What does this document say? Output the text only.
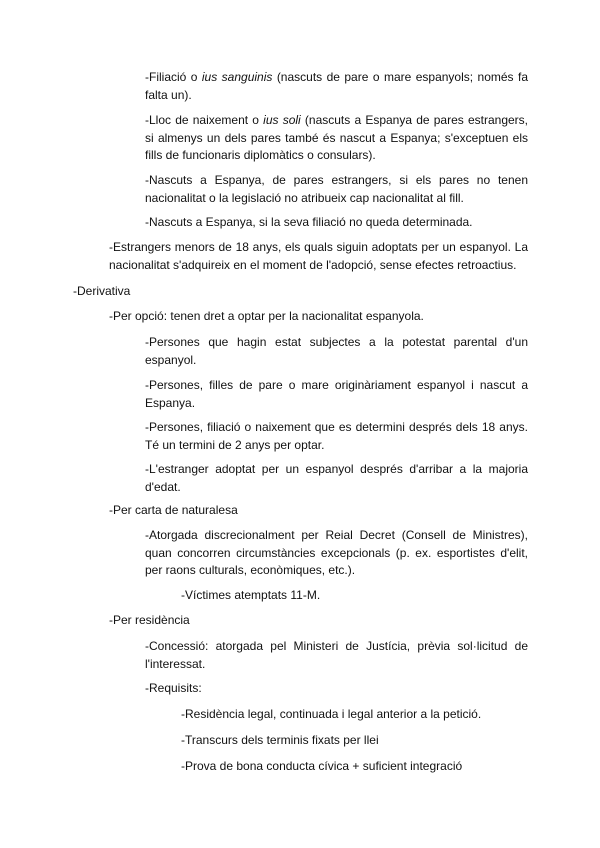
-Filiació o ius sanguinis (nascuts de pare o mare espanyols; només fa falta un).

-Lloc de naixement o ius soli (nascuts a Espanya de pares estrangers, si almenys un dels pares també és nascut a Espanya; s'exceptuen els fills de funcionaris diplomàtics o consulars).

-Nascuts a Espanya, de pares estrangers, si els pares no tenen nacionalitat o la legislació no atribueix cap nacionalitat al fill.

-Nascuts a Espanya, si la seva filiació no queda determinada.

-Estrangers menors de 18 anys, els quals siguin adoptats per un espanyol. La nacionalitat s'adquireix en el moment de l'adopció, sense efectes retroactius.

-Derivativa

-Per opció: tenen dret a optar per la nacionalitat espanyola.

-Persones que hagin estat subjectes a la potestat parental d'un espanyol.

-Persones, filles de pare o mare originàriament espanyol i nascut a Espanya.

-Persones, filiació o naixement que es determini després dels 18 anys. Té un termini de 2 anys per optar.

-L'estranger adoptat per un espanyol després d'arribar a la majoria d'edat.

-Per carta de naturalesa

-Atorgada discrecionalment per Reial Decret (Consell de Ministres), quan concorren circumstàncies excepcionals (p. ex. esportistes d'elit, per raons culturals, econòmiques, etc.).

-Víctimes atemptats 11-M.

-Per residència

-Concessió: atorgada pel Ministeri de Justícia, prèvia sol·licitud de l'interessat.

-Requisits:

-Residència legal, continuada i legal anterior a la petició.

-Transcurs dels terminis fixats per llei

-Prova de bona conducta cívica + suficient integració
